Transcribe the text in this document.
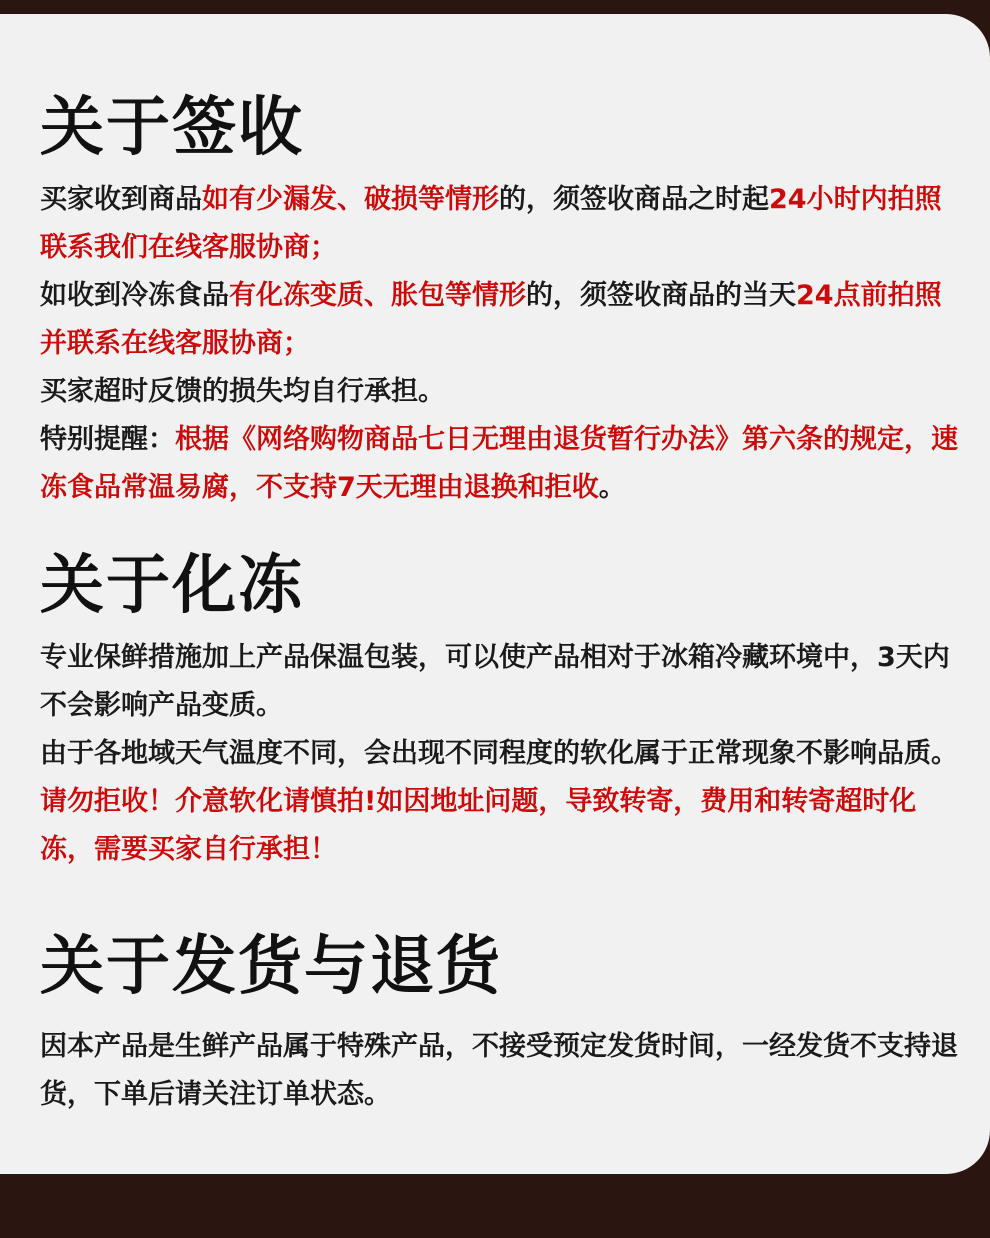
关于签收
买家收到商品如有少漏发、破损等情形的，须签收商品之时起24小时内拍照联系我们在线客服协商；
如收到冷冻食品有化冻变质、胀包等情形的，须签收商品的当天24点前拍照并联系在线客服协商；
买家超时反馈的损失均自行承担。
特别提醒：根据《网络购物商品七日无理由退货暂行办法》第六条的规定，速冻食品常温易腐，不支持7天无理由退换和拒收。
关于化冻
专业保鲜措施加上产品保温包装，可以使产品相对于冰箱冷藏环境中，3天内不会影响产品变质。
由于各地域天气温度不同，会出现不同程度的软化属于正常现象不影响品质。请勿拒收！介意软化请慎拍!如因地址问题，导致转寄，费用和转寄超时化冻，需要买家自行承担！
关于发货与退货
因本产品是生鲜产品属于特殊产品，不接受预定发货时间，一经发货不支持退货，下单后请关注订单状态。
